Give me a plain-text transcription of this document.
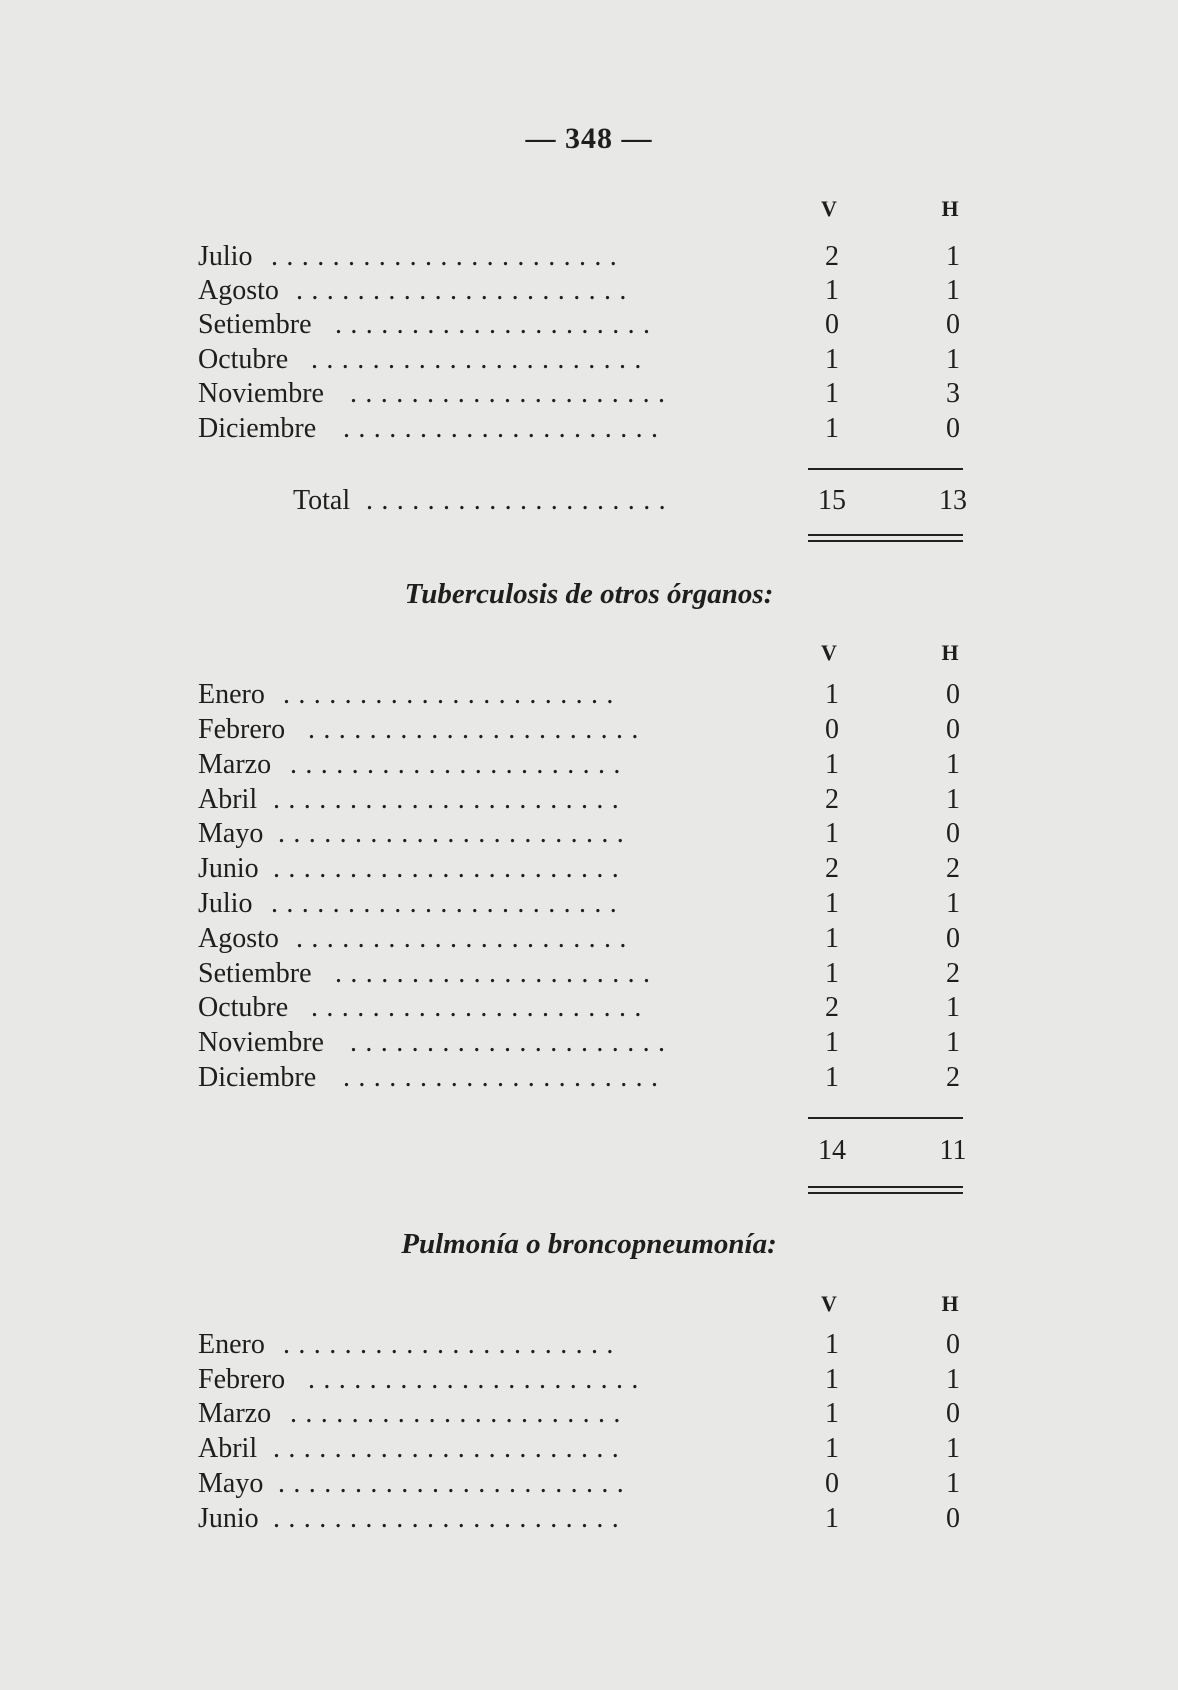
— 348 —
V	H
Julio .......................	2	1
Agosto ......................	1	1
Setiembre .....................	0	0
Octubre ......................	1	1
Noviembre .....................	1	3
Diciembre .....................	1	0
Total ....................	15	13
Tuberculosis de otros órganos:
V	H
Enero ......................	1	0
Febrero ......................	0	0
Marzo ......................	1	1
Abril .......................	2	1
Mayo .......................	1	0
Junio .......................	2	2
Julio .......................	1	1
Agosto ......................	1	0
Setiembre .....................	1	2
Octubre ......................	2	1
Noviembre .....................	1	1
Diciembre .....................	1	2
14	11
Pulmonía o broncopneumonía:
V	H
Enero ......................	1	0
Febrero ......................	1	1
Marzo ......................	1	0
Abril .......................	1	1
Mayo .......................	0	1
Junio .......................	1	0
